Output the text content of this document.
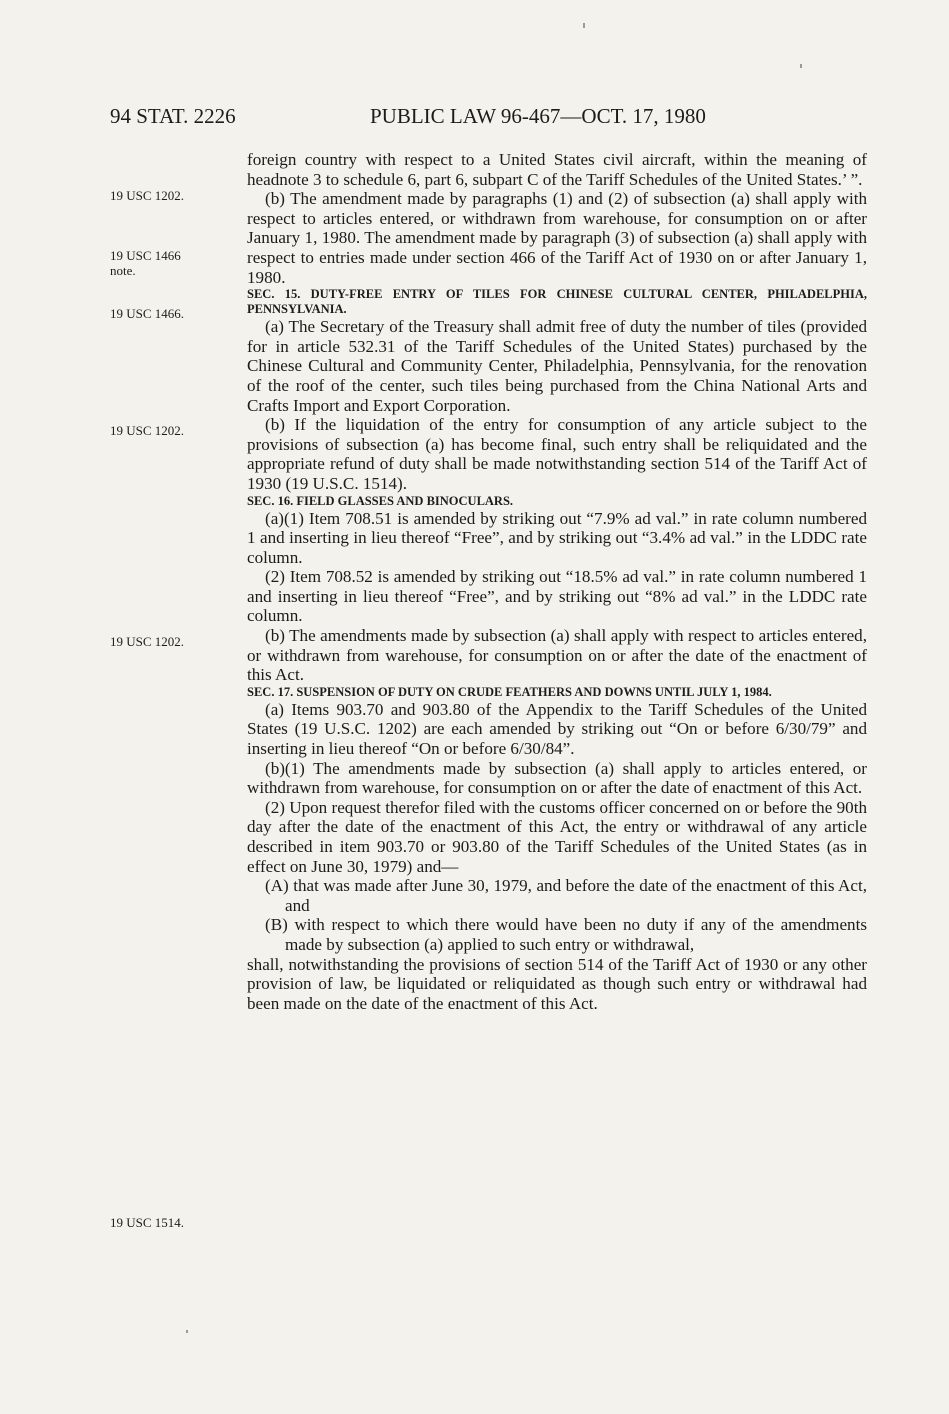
94 STAT. 2226	PUBLIC LAW 96-467—OCT. 17, 1980
19 USC 1202.
19 USC 1466
note.
19 USC 1466.
19 USC 1202.
19 USC 1202.
19 USC 1514.

foreign country with respect to a United States civil aircraft, within the meaning of headnote 3 to schedule 6, part 6, subpart C of the Tariff Schedules of the United States.’ ”.

(b) The amendment made by paragraphs (1) and (2) of subsection (a) shall apply with respect to articles entered, or withdrawn from warehouse, for consumption on or after January 1, 1980. The amendment made by paragraph (3) of subsection (a) shall apply with respect to entries made under section 466 of the Tariff Act of 1930 on or after January 1, 1980.

SEC. 15. DUTY-FREE ENTRY OF TILES FOR CHINESE CULTURAL CENTER, PHILADELPHIA, PENNSYLVANIA.

(a) The Secretary of the Treasury shall admit free of duty the number of tiles (provided for in article 532.31 of the Tariff Schedules of the United States) purchased by the Chinese Cultural and Community Center, Philadelphia, Pennsylvania, for the renovation of the roof of the center, such tiles being purchased from the China National Arts and Crafts Import and Export Corporation.

(b) If the liquidation of the entry for consumption of any article subject to the provisions of subsection (a) has become final, such entry shall be reliquidated and the appropriate refund of duty shall be made notwithstanding section 514 of the Tariff Act of 1930 (19 U.S.C. 1514).

SEC. 16. FIELD GLASSES AND BINOCULARS.

(a)(1) Item 708.51 is amended by striking out “7.9% ad val.” in rate column numbered 1 and inserting in lieu thereof “Free”, and by striking out “3.4% ad val.” in the LDDC rate column.

(2) Item 708.52 is amended by striking out “18.5% ad val.” in rate column numbered 1 and inserting in lieu thereof “Free”, and by striking out “8% ad val.” in the LDDC rate column.

(b) The amendments made by subsection (a) shall apply with respect to articles entered, or withdrawn from warehouse, for consumption on or after the date of the enactment of this Act.

SEC. 17. SUSPENSION OF DUTY ON CRUDE FEATHERS AND DOWNS UNTIL JULY 1, 1984.

(a) Items 903.70 and 903.80 of the Appendix to the Tariff Schedules of the United States (19 U.S.C. 1202) are each amended by striking out “On or before 6/30/79” and inserting in lieu thereof “On or before 6/30/84”.

(b)(1) The amendments made by subsection (a) shall apply to articles entered, or withdrawn from warehouse, for consumption on or after the date of enactment of this Act.

(2) Upon request therefor filed with the customs officer concerned on or before the 90th day after the date of the enactment of this Act, the entry or withdrawal of any article described in item 903.70 or 903.80 of the Tariff Schedules of the United States (as in effect on June 30, 1979) and—

(A) that was made after June 30, 1979, and before the date of the enactment of this Act, and

(B) with respect to which there would have been no duty if any of the amendments made by subsection (a) applied to such entry or withdrawal,

shall, notwithstanding the provisions of section 514 of the Tariff Act of 1930 or any other provision of law, be liquidated or reliquidated as though such entry or withdrawal had been made on the date of the enactment of this Act.
